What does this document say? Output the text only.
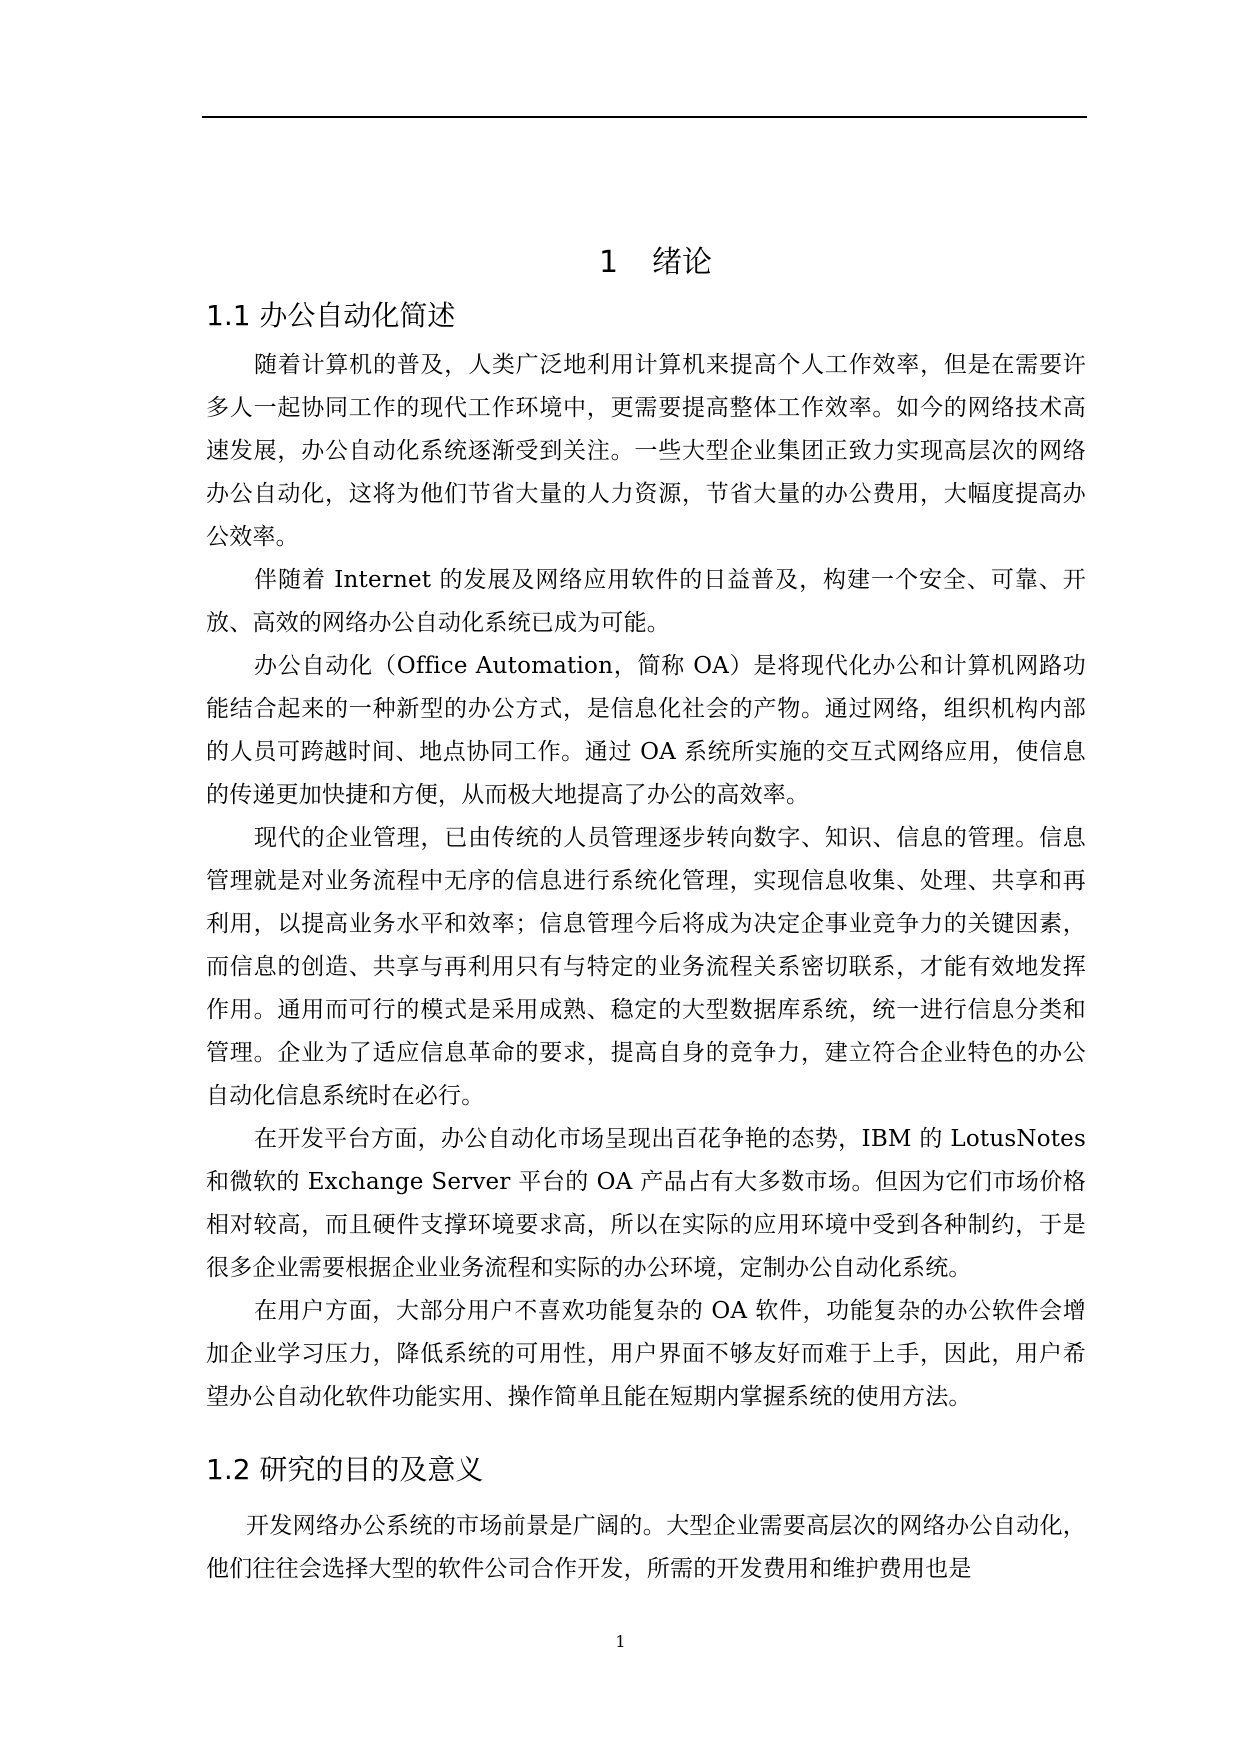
1 绪论
1.1 办公自动化简述

随着计算机的普及，人类广泛地利用计算机来提高个人工作效率，但是在需要许多人一起协同工作的现代工作环境中，更需要提高整体工作效率。如今的网络技术高速发展，办公自动化系统逐渐受到关注。一些大型企业集团正致力实现高层次的网络办公自动化，这将为他们节省大量的人力资源，节省大量的办公费用，大幅度提高办公效率。

伴随着 Internet 的发展及网络应用软件的日益普及，构建一个安全、可靠、开放、高效的网络办公自动化系统已成为可能。

办公自动化（Office Automation，简称 OA）是将现代化办公和计算机网路功能结合起来的一种新型的办公方式，是信息化社会的产物。通过网络，组织机构内部的人员可跨越时间、地点协同工作。通过 OA 系统所实施的交互式网络应用，使信息的传递更加快捷和方便，从而极大地提高了办公的高效率。

现代的企业管理，已由传统的人员管理逐步转向数字、知识、信息的管理。信息管理就是对业务流程中无序的信息进行系统化管理，实现信息收集、处理、共享和再利用，以提高业务水平和效率；信息管理今后将成为决定企事业竞争力的关键因素，而信息的创造、共享与再利用只有与特定的业务流程关系密切联系，才能有效地发挥作用。通用而可行的模式是采用成熟、稳定的大型数据库系统，统一进行信息分类和管理。企业为了适应信息革命的要求，提高自身的竞争力，建立符合企业特色的办公自动化信息系统时在必行。

在开发平台方面，办公自动化市场呈现出百花争艳的态势，IBM 的 LotusNotes 和微软的 Exchange Server 平台的 OA 产品占有大多数市场。但因为它们市场价格相对较高，而且硬件支撑环境要求高，所以在实际的应用环境中受到各种制约，于是很多企业需要根据企业业务流程和实际的办公环境，定制办公自动化系统。

在用户方面，大部分用户不喜欢功能复杂的 OA 软件，功能复杂的办公软件会增加企业学习压力，降低系统的可用性，用户界面不够友好而难于上手，因此，用户希望办公自动化软件功能实用、操作简单且能在短期内掌握系统的使用方法。

1.2 研究的目的及意义

开发网络办公系统的市场前景是广阔的。大型企业需要高层次的网络办公自动化，他们往往会选择大型的软件公司合作开发，所需的开发费用和维护费用也是

1
